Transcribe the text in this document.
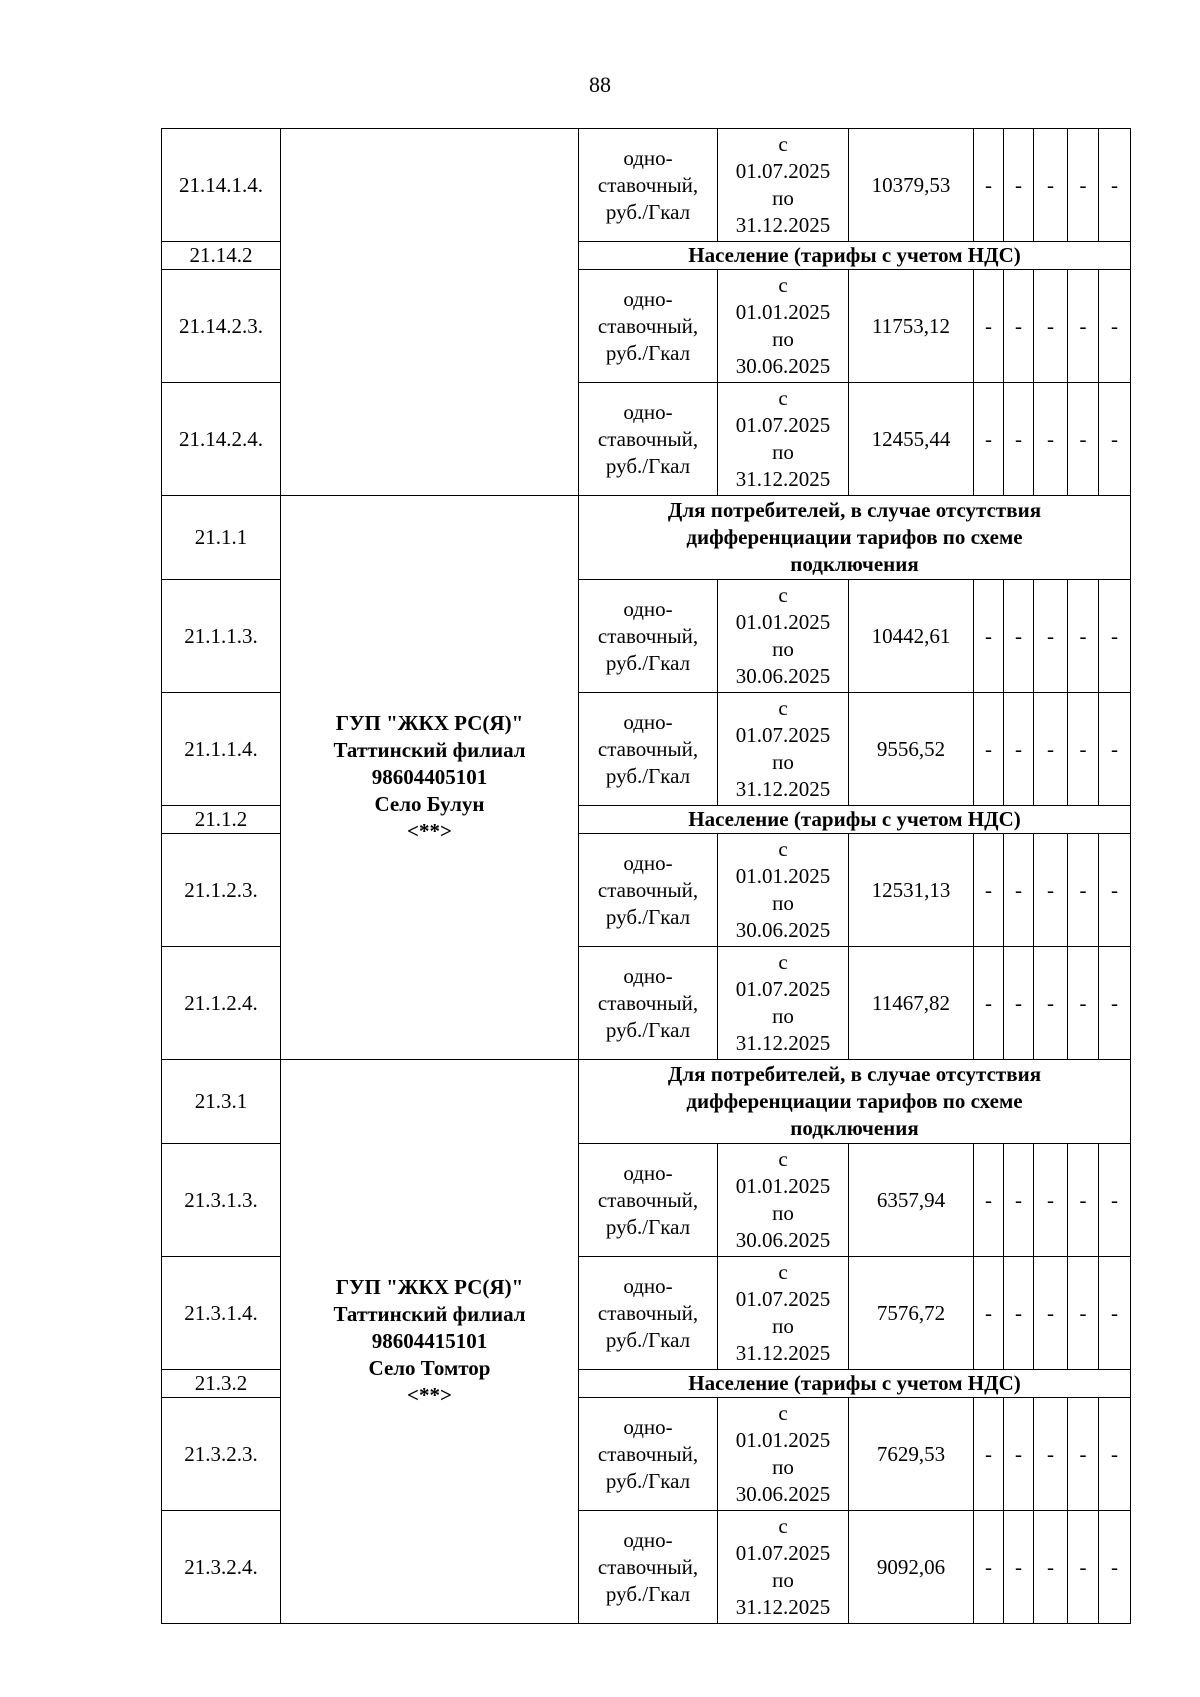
88
21.14.1.4.		одно-
ставочный,
руб./Гкал	с
01.07.2025
по
31.12.2025	10379,53	-	-	-	-	-
21.14.2		Население (тарифы с учетом НДС)							

21.14.2.3.		одно-
ставочный,
руб./Гкал	с
01.01.2025
по
30.06.2025	11753,12	-	-	-	-	-
21.14.2.4.		одно-
ставочный,
руб./Гкал	с
01.07.2025
по
31.12.2025	12455,44	-	-	-	-	-
21.1.1	ГУП "ЖКХ РС(Я)"
Таттинский филиал
98604405101
Село Булун
<**>	Для потребителей, в случае отсутствия
дифференциации тарифов по схеме
подключения							

21.1.1.3.		одно-
ставочный,
руб./Гкал	с
01.01.2025
по
30.06.2025	10442,61	-	-	-	-	-
21.1.1.4.		одно-
ставочный,
руб./Гкал	с
01.07.2025
по
31.12.2025	9556,52	-	-	-	-	-
21.1.2		Население (тарифы с учетом НДС)							

21.1.2.3.		одно-
ставочный,
руб./Гкал	с
01.01.2025
по
30.06.2025	12531,13	-	-	-	-	-
21.1.2.4.		одно-
ставочный,
руб./Гкал	с
01.07.2025
по
31.12.2025	11467,82	-	-	-	-	-
21.3.1	ГУП "ЖКХ РС(Я)"
Таттинский филиал
98604415101
Село Томтор
<**>	Для потребителей, в случае отсутствия
дифференциации тарифов по схеме
подключения							

21.3.1.3.		одно-
ставочный,
руб./Гкал	с
01.01.2025
по
30.06.2025	6357,94	-	-	-	-	-
21.3.1.4.		одно-
ставочный,
руб./Гкал	с
01.07.2025
по
31.12.2025	7576,72	-	-	-	-	-
21.3.2		Население (тарифы с учетом НДС)							

21.3.2.3.		одно-
ставочный,
руб./Гкал	с
01.01.2025
по
30.06.2025	7629,53	-	-	-	-	-
21.3.2.4.		одно-
ставочный,
руб./Гкал	с
01.07.2025
по
31.12.2025	9092,06	-	-	-	-	-
